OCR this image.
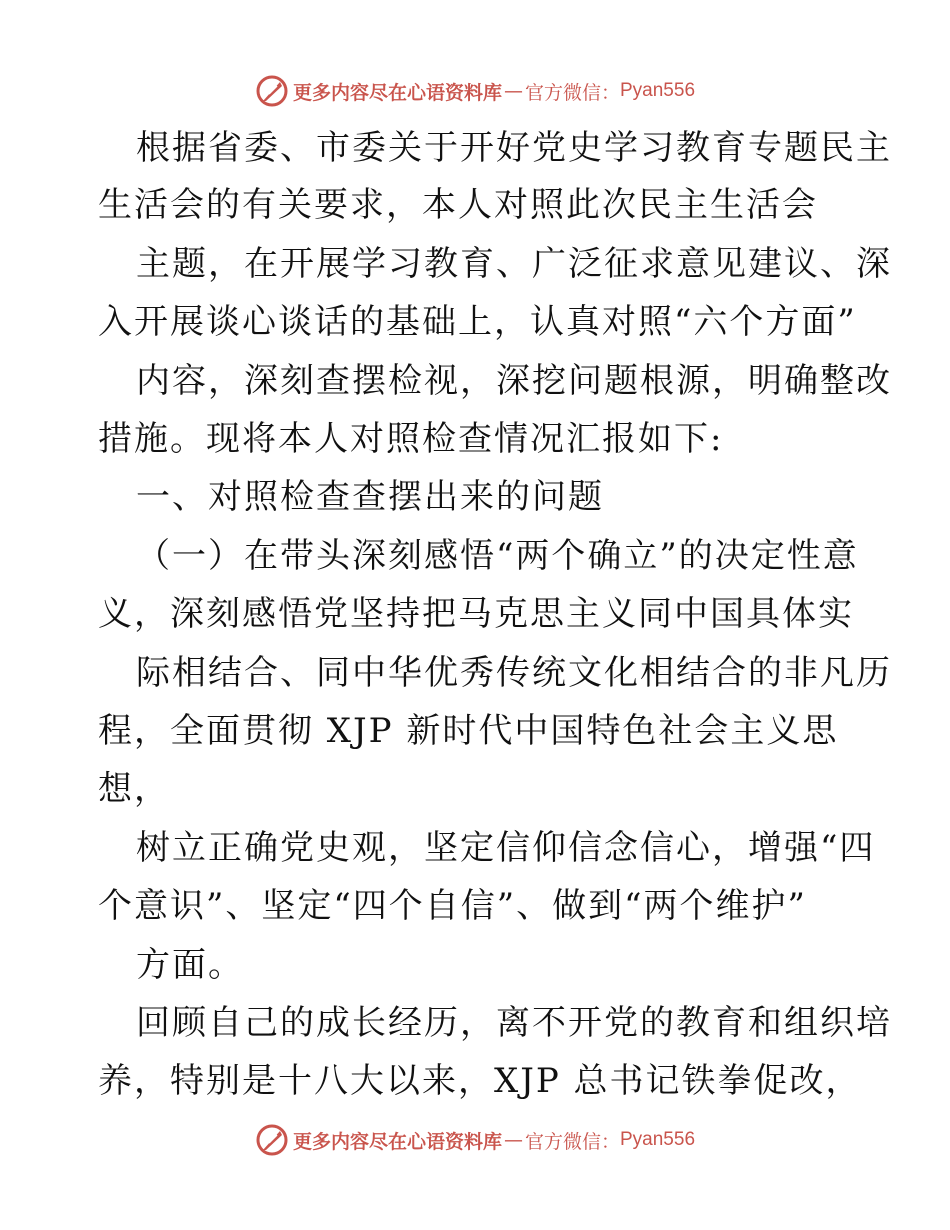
更多内容尽在心语资料库 — 官方微信： Pyan556
根据省委、市委关于开好党史学习教育专题民主
生活会的有关要求，本人对照此次民主生活会
主题，在开展学习教育、广泛征求意见建议、深
入开展谈心谈话的基础上，认真对照“六个方面”
内容，深刻查摆检视，深挖问题根源，明确整改
措施。现将本人对照检查情况汇报如下:
一、对照检查查摆出来的问题
（一）在带头深刻感悟“两个确立”的决定性意
义，深刻感悟党坚持把马克思主义同中国具体实
际相结合、同中华优秀传统文化相结合的非凡历
程，全面贯彻 XJP 新时代中国特色社会主义思
想，
树立正确党史观，坚定信仰信念信心，增强“四
个意识”、坚定“四个自信”、做到“两个维护”
方面。
回顾自己的成长经历，离不开党的教育和组织培
养，特别是十八大以来，XJP 总书记铁拳促改，
更多内容尽在心语资料库 — 官方微信： Pyan556
